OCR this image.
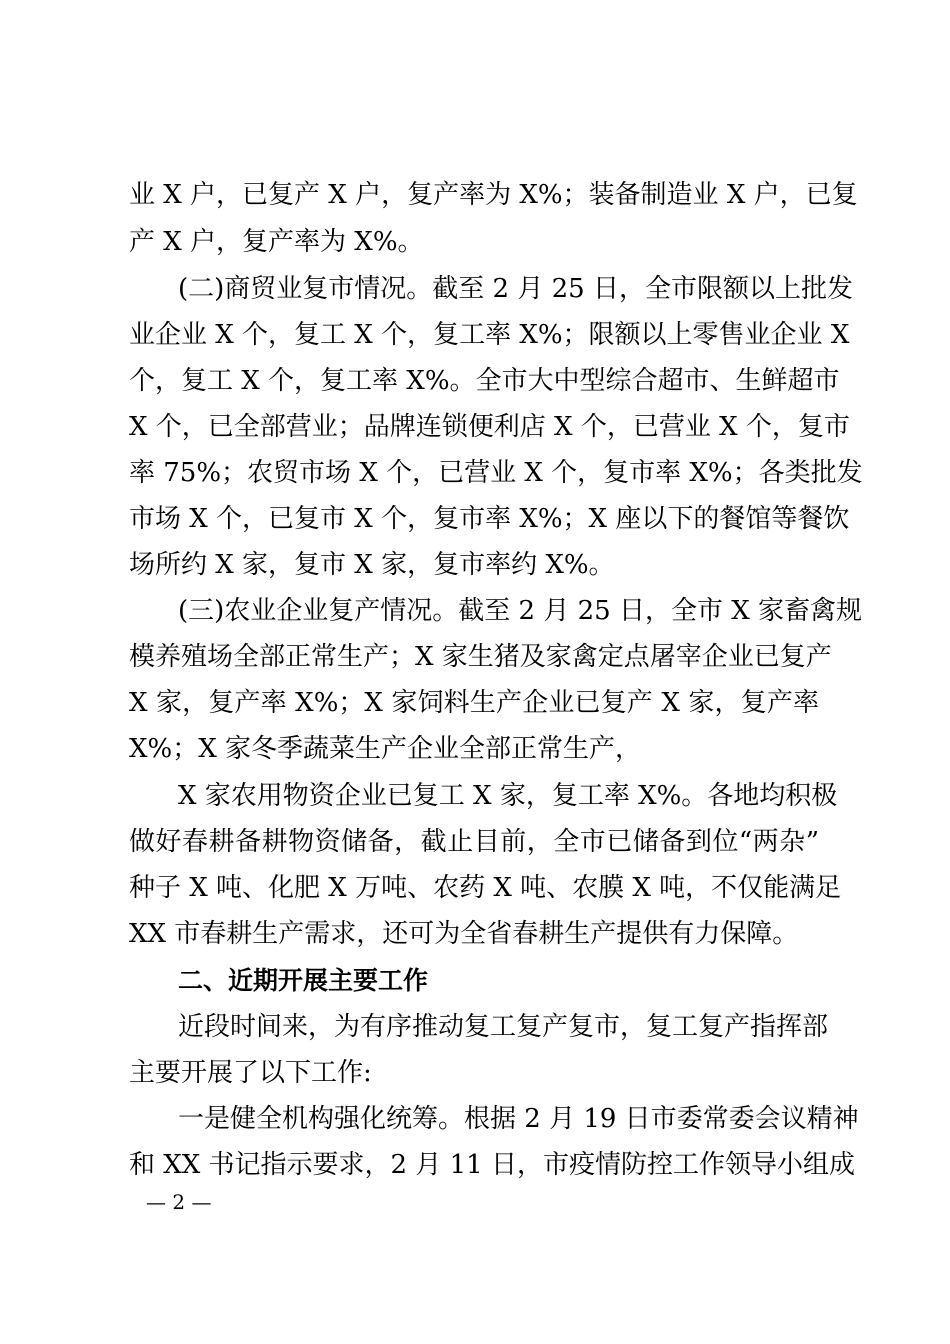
业 X 户，已复产 X 户，复产率为 X%；装备制造业 X 户，已复
产 X 户，复产率为 X%。
(二)商贸业复市情况。截至 2 月 25 日，全市限额以上批发
业企业 X 个，复工 X 个，复工率 X%；限额以上零售业企业 X
个，复工 X 个，复工率 X%。全市大中型综合超市、生鲜超市
X 个，已全部营业；品牌连锁便利店 X 个，已营业 X 个，复市
率 75%；农贸市场 X 个，已营业 X 个，复市率 X%；各类批发
市场 X 个，已复市 X 个，复市率 X%；X 座以下的餐馆等餐饮
场所约 X 家，复市 X 家，复市率约 X%。
(三)农业企业复产情况。截至 2 月 25 日，全市 X 家畜禽规
模养殖场全部正常生产；X 家生猪及家禽定点屠宰企业已复产
X 家，复产率 X%；X 家饲料生产企业已复产 X 家，复产率
X%；X 家冬季蔬菜生产企业全部正常生产，
X 家农用物资企业已复工 X 家，复工率 X%。各地均积极
做好春耕备耕物资储备，截止目前，全市已储备到位“两杂”
种子 X 吨、化肥 X 万吨、农药 X 吨、农膜 X 吨，不仅能满足
XX 市春耕生产需求，还可为全省春耕生产提供有力保障。
二、近期开展主要工作
近段时间来，为有序推动复工复产复市，复工复产指挥部
主要开展了以下工作:
一是健全机构强化统筹。根据 2 月 19 日市委常委会议精神
和 XX 书记指示要求，2 月 11 日，市疫情防控工作领导小组成
— 2 —
